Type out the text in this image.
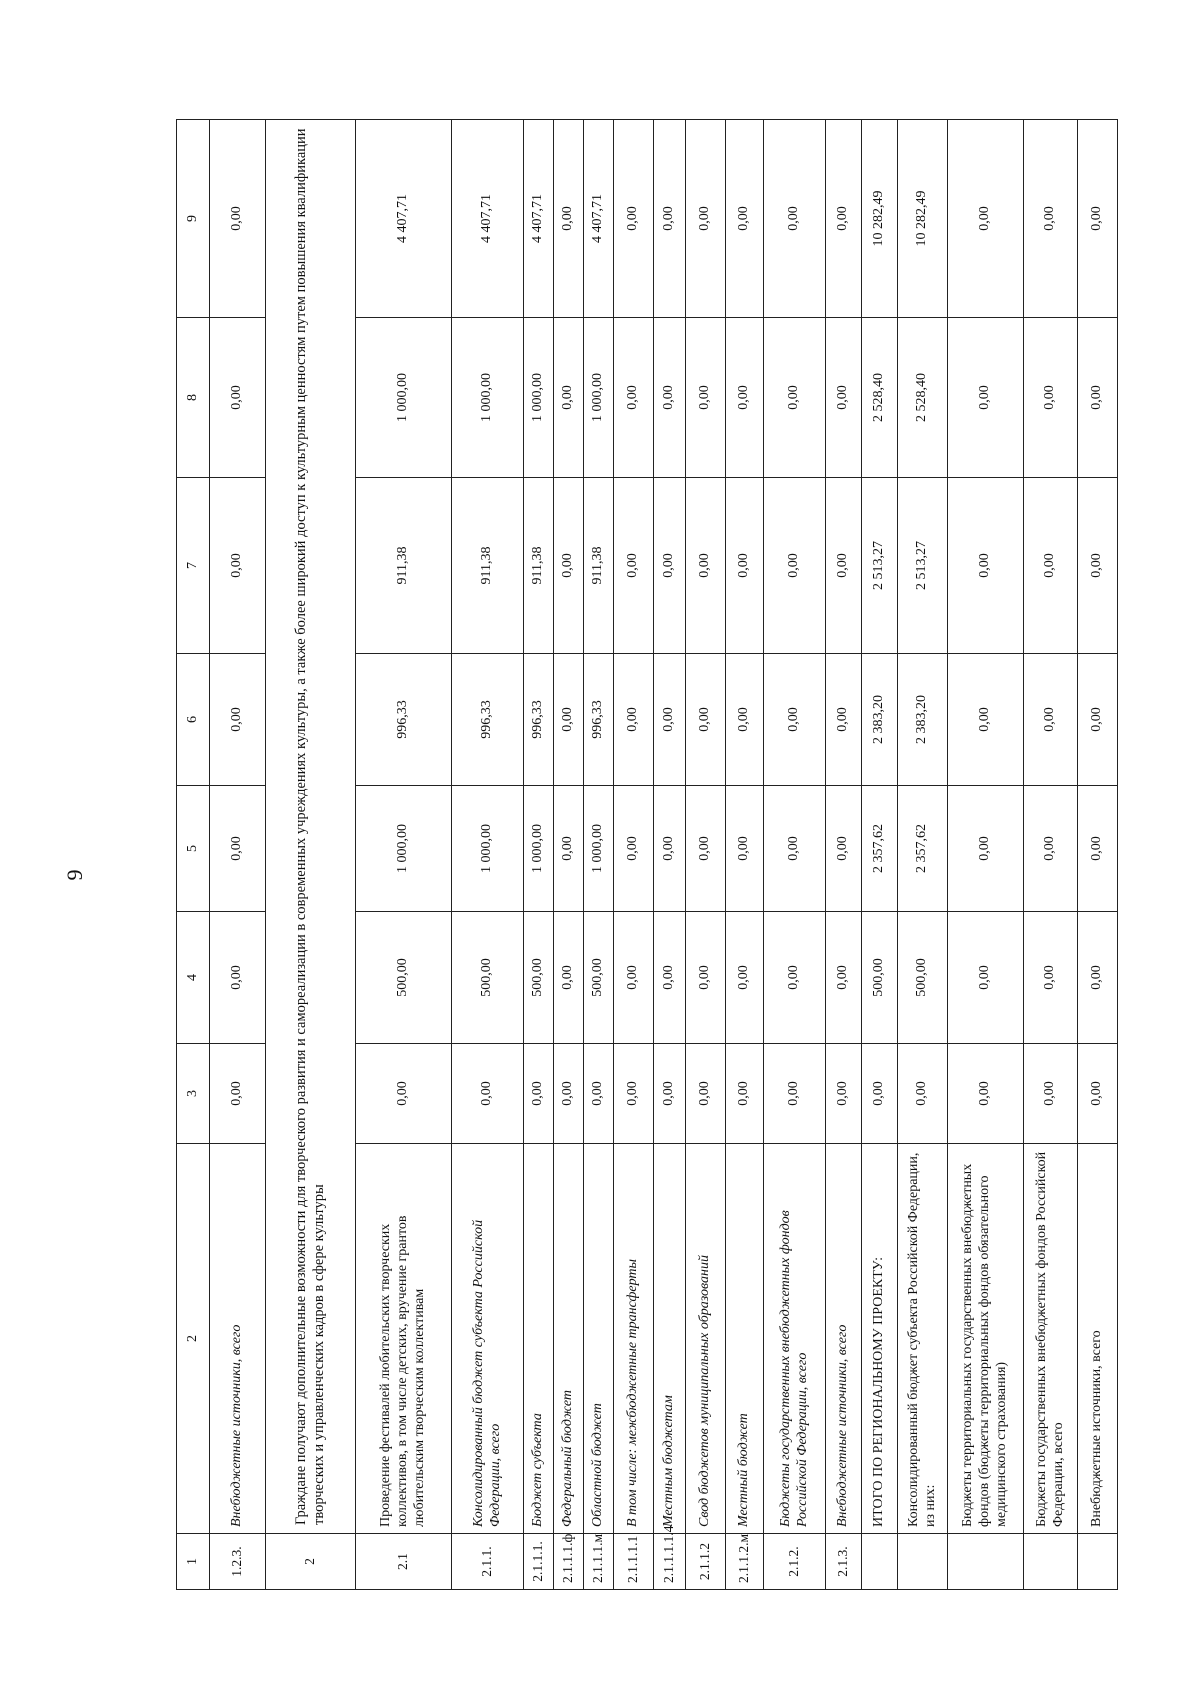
9
1	2	3	4	5	6	7	8	9
1.2.3.	Внебюджетные источники, всего	0,00	0,00	0,00	0,00	0,00	0,00	0,00
2	Граждане получают дополнительные возможности для творческого развития и самореализации в современных учреждениях культуры, а также более широкий доступ к культурным ценностям путем повышения квалификации творческих и управленческих кадров в сфере культуры							
2.1	Проведение фестивалей любительских творческих коллективов, в том числе детских, вручение грантов любительским творческим коллективам	0,00	500,00	1 000,00	996,33	911,38	1 000,00	4 407,71
2.1.1.	Консолидированный бюджет субъекта Российской Федерации, всего	0,00	500,00	1 000,00	996,33	911,38	1 000,00	4 407,71
2.1.1.1.	Бюджет субъекта	0,00	500,00	1 000,00	996,33	911,38	1 000,00	4 407,71
2.1.1.1.ф	Федеральный бюджет	0,00	0,00	0,00	0,00	0,00	0,00	0,00
2.1.1.1.м	Областной бюджет	0,00	500,00	1 000,00	996,33	911,38	1 000,00	4 407,71
2.1.1.1.1	В том числе: межбюджетные трансферты	0,00	0,00	0,00	0,00	0,00	0,00	0,00
2.1.1.1.1.4	Местным бюджетам	0,00	0,00	0,00	0,00	0,00	0,00	0,00
2.1.1.2	Свод бюджетов муниципальных образований	0,00	0,00	0,00	0,00	0,00	0,00	0,00
2.1.1.2.м	Местный бюджет	0,00	0,00	0,00	0,00	0,00	0,00	0,00
2.1.2.	Бюджеты государственных внебюджетных фондов Российской Федерации, всего	0,00	0,00	0,00	0,00	0,00	0,00	0,00
2.1.3.	Внебюджетные источники, всего	0,00	0,00	0,00	0,00	0,00	0,00	0,00
	ИТОГО ПО РЕГИОНАЛЬНОМУ ПРОЕКТУ:	0,00	500,00	2 357,62	2 383,20	2 513,27	2 528,40	10 282,49
	Консолидированный бюджет субъекта Российской Федерации, из них:	0,00	500,00	2 357,62	2 383,20	2 513,27	2 528,40	10 282,49
	Бюджеты территориальных государственных внебюджетных фондов (бюджеты территориальных фондов обязательного медицинского страхования)	0,00	0,00	0,00	0,00	0,00	0,00	0,00
	Бюджеты государственных внебюджетных фондов Российской Федерации, всего	0,00	0,00	0,00	0,00	0,00	0,00	0,00
	Внебюджетные источники, всего	0,00	0,00	0,00	0,00	0,00	0,00	0,00
